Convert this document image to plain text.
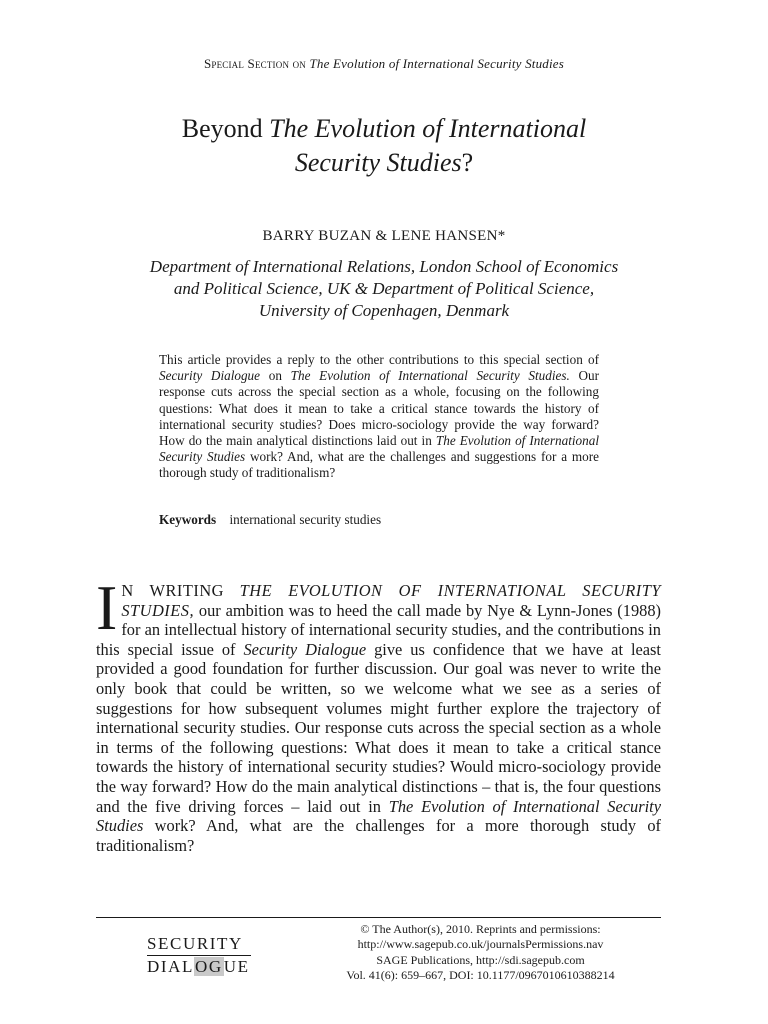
Special Section on The Evolution of International Security Studies
Beyond The Evolution of International
Security Studies?
BARRY BUZAN & LENE HANSEN*
Department of International Relations, London School of Economics
and Political Science, UK & Department of Political Science,
University of Copenhagen, Denmark
This article provides a reply to the other contributions to this special section of Security Dialogue on The Evolution of International Security Studies. Our response cuts across the special section as a whole, focusing on the following questions: What does it mean to take a critical stance towards the history of international security studies? Does micro-sociology provide the way forward? How do the main analytical distinctions laid out in The Evolution of International Security Studies work? And, what are the challenges and suggestions for a more thorough study of traditionalism?
Keywords international security studies
I N WRITING THE EVOLUTION OF INTERNATIONAL SECURITY STUDIES, our ambition was to heed the call made by Nye & Lynn-Jones (1988) for an intellectual history of international security studies, and the contributions in this special issue of Security Dialogue give us confidence that we have at least provided a good foundation for further discussion. Our goal was never to write the only book that could be written, so we welcome what we see as a series of suggestions for how subsequent volumes might further explore the trajectory of international security studies. Our response cuts across the special section as a whole in terms of the following questions: What does it mean to take a critical stance towards the history of international security studies? Would micro-sociology provide the way forward? How do the main analytical distinctions – that is, the four questions and the five driving forces – laid out in The Evolution of International Security Studies work? And, what are the challenges for a more thorough study of traditionalism?
SECURITY
DIALOGUE
© The Author(s), 2010. Reprints and permissions:
http://www.sagepub.co.uk/journalsPermissions.nav
SAGE Publications, http://sdi.sagepub.com
Vol. 41(6): 659–667, DOI: 10.1177/0967010610388214
